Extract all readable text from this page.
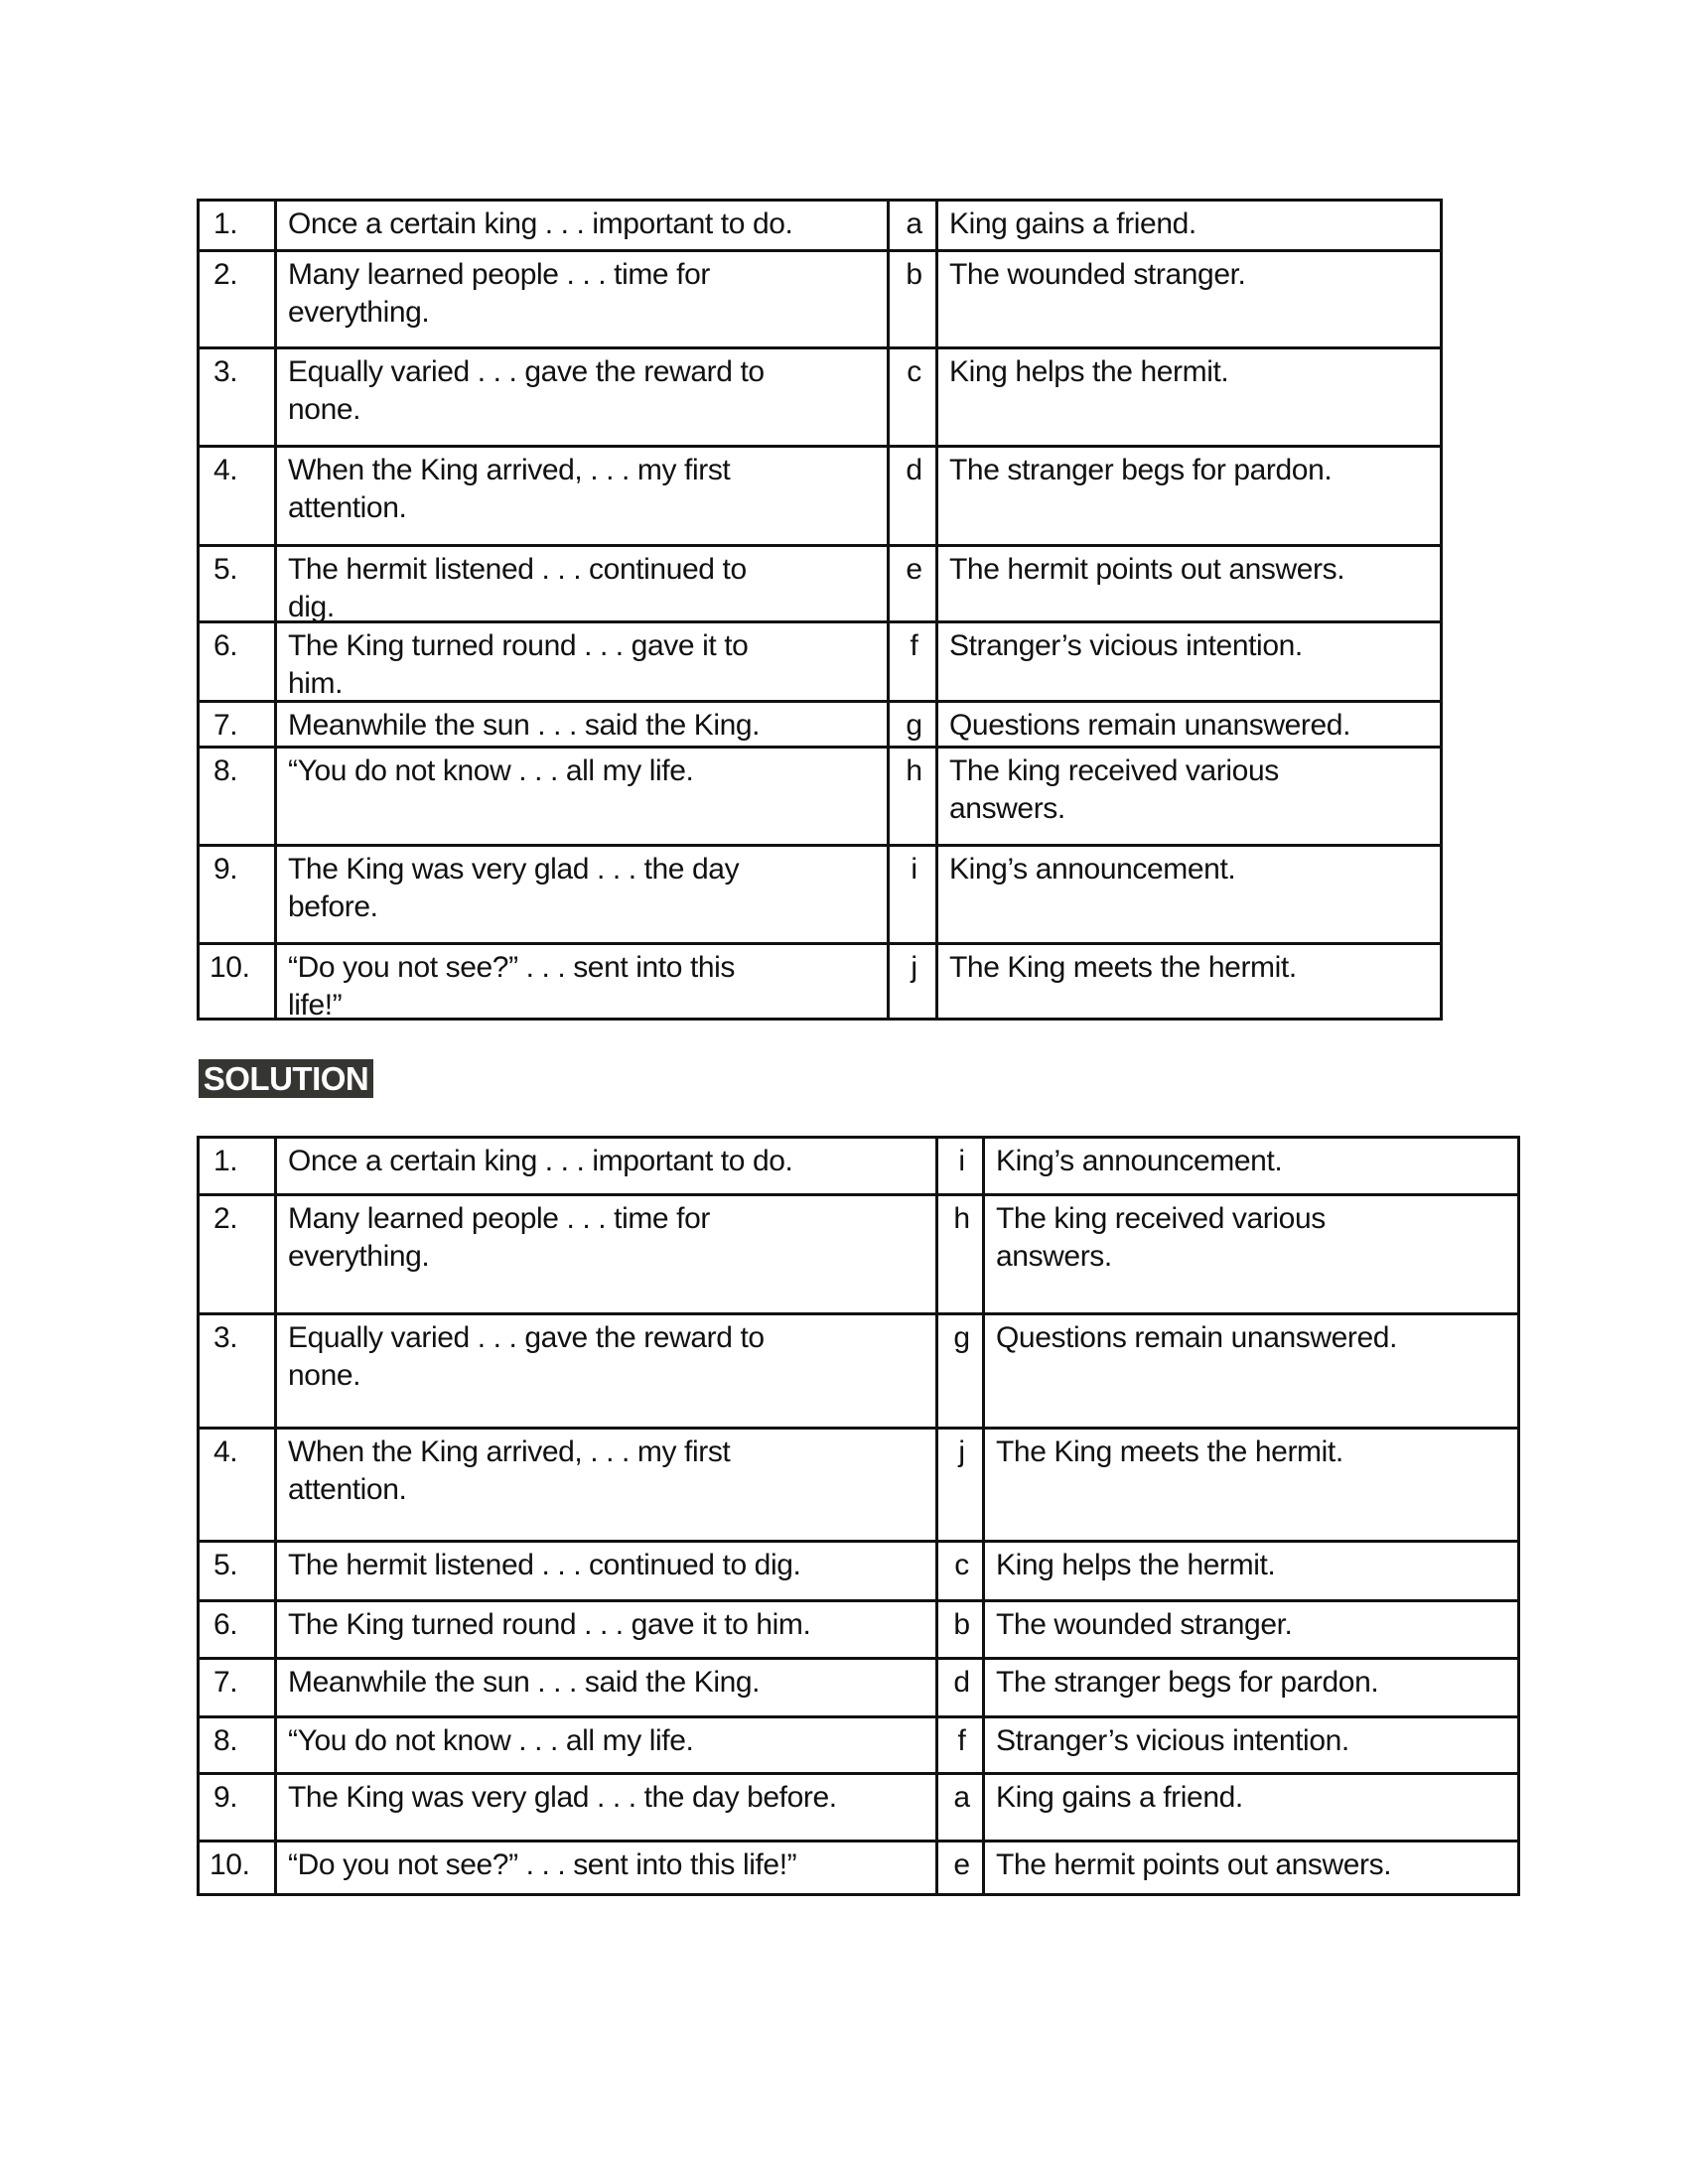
1.	Once a certain king . . . important to do.	a King gains a friend.
2.	Many learned people . . . time for
everything.
b The wounded stranger.
3.	Equally varied . . . gave the reward to
none.
c King helps the hermit.
4.	When the King arrived, . . . my first
attention.
d The stranger begs for pardon.
5.	The hermit listened . . . continued to
dig.
e The hermit points out answers.
6.	The King turned round . . . gave it to
him.
f	Stranger’s vicious intention.
7.	Meanwhile the sun . . . said the King.	g Questions remain unanswered.
8.	“You do not know . . . all my life.	h The king received various
answers.
9.	The King was very glad . . . the day
before.
i	King’s announcement.
10.	“Do you not see?” . . . sent into this
life!”
j	The King meets the hermit.
SOLUTION
1.	Once a certain king . . . important to do.	i	King’s announcement.
2.	Many learned people . . . time for
everything.
h The king received various
answers.
3.	Equally varied . . . gave the reward to
none.
g Questions remain unanswered.
4.	When the King arrived, . . . my first
attention.
j	The King meets the hermit.
5.	The hermit listened . . . continued to dig.	c King helps the hermit.
6.	The King turned round . . . gave it to him.	b The wounded stranger.
7.	Meanwhile the sun . . . said the King.	d The stranger begs for pardon.
8.	“You do not know . . . all my life.	f	Stranger’s vicious intention.
9.	The King was very glad . . . the day before.	a King gains a friend.
10.	“Do you not see?” . . . sent into this life!”	e The hermit points out answers.
